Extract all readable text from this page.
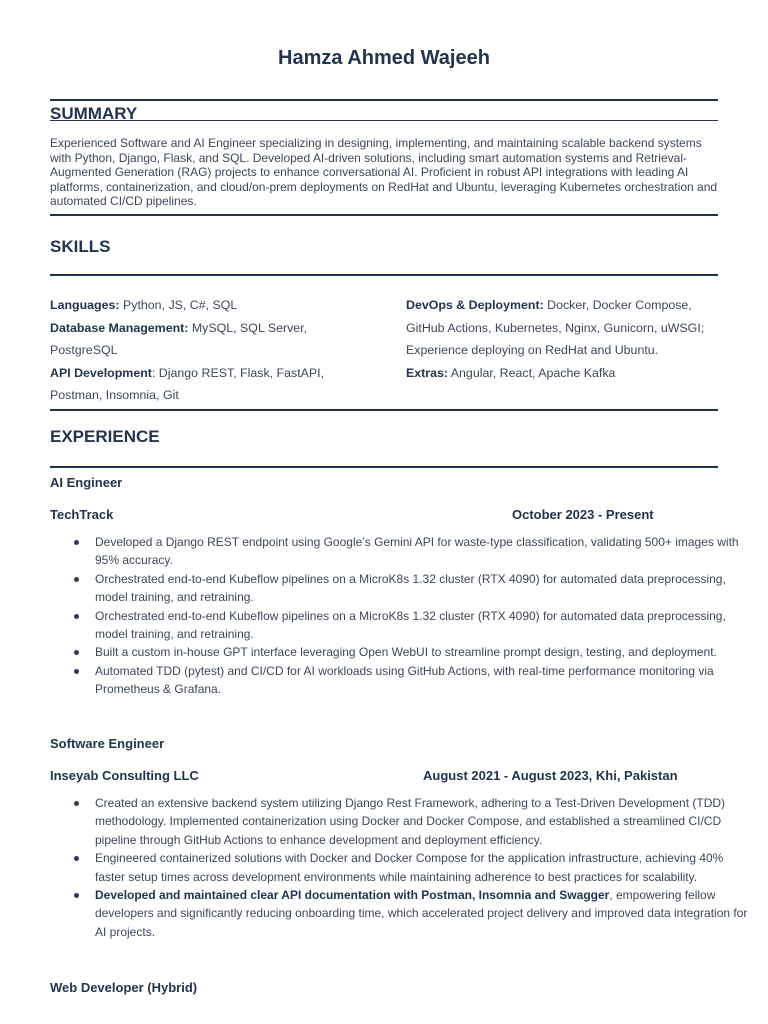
Hamza Ahmed Wajeeh
SUMMARY
Experienced Software and AI Engineer specializing in designing, implementing, and maintaining scalable backend systems with Python, Django, Flask, and SQL. Developed AI-driven solutions, including smart automation systems and Retrieval-Augmented Generation (RAG) projects to enhance conversational AI. Proficient in robust API integrations with leading AI platforms, containerization, and cloud/on-prem deployments on RedHat and Ubuntu, leveraging Kubernetes orchestration and automated CI/CD pipelines.
SKILLS
Languages: Python, JS, C#, SQL
Database Management: MySQL, SQL Server, PostgreSQL
API Development: Django REST, Flask, FastAPI, Postman, Insomnia, Git
DevOps & Deployment: Docker, Docker Compose, GitHub Actions, Kubernetes, Nginx, Gunicorn, uWSGI; Experience deploying on RedHat and Ubuntu.
Extras: Angular, React, Apache Kafka
EXPERIENCE
AI Engineer
TechTrack	October 2023 - Present
Developed a Django REST endpoint using Google’s Gemini API for waste-type classification, validating 500+ images with 95% accuracy.
Orchestrated end-to-end Kubeflow pipelines on a MicroK8s 1.32 cluster (RTX 4090) for automated data preprocessing, model training, and retraining.
Orchestrated end-to-end Kubeflow pipelines on a MicroK8s 1.32 cluster (RTX 4090) for automated data preprocessing, model training, and retraining.
Built a custom in-house GPT interface leveraging Open WebUI to streamline prompt design, testing, and deployment.
Automated TDD (pytest) and CI/CD for AI workloads using GitHub Actions, with real-time performance monitoring via Prometheus & Grafana.
Software Engineer
Inseyab Consulting LLC	August 2021 - August 2023, Khi, Pakistan
Created an extensive backend system utilizing Django Rest Framework, adhering to a Test-Driven Development (TDD) methodology. Implemented containerization using Docker and Docker Compose, and established a streamlined CI/CD pipeline through GitHub Actions to enhance development and deployment efficiency.
Engineered containerized solutions with Docker and Docker Compose for the application infrastructure, achieving 40% faster setup times across development environments while maintaining adherence to best practices for scalability.
Developed and maintained clear API documentation with Postman, Insomnia and Swagger, empowering fellow developers and significantly reducing onboarding time, which accelerated project delivery and improved data integration for AI projects.
Web Developer (Hybrid)
